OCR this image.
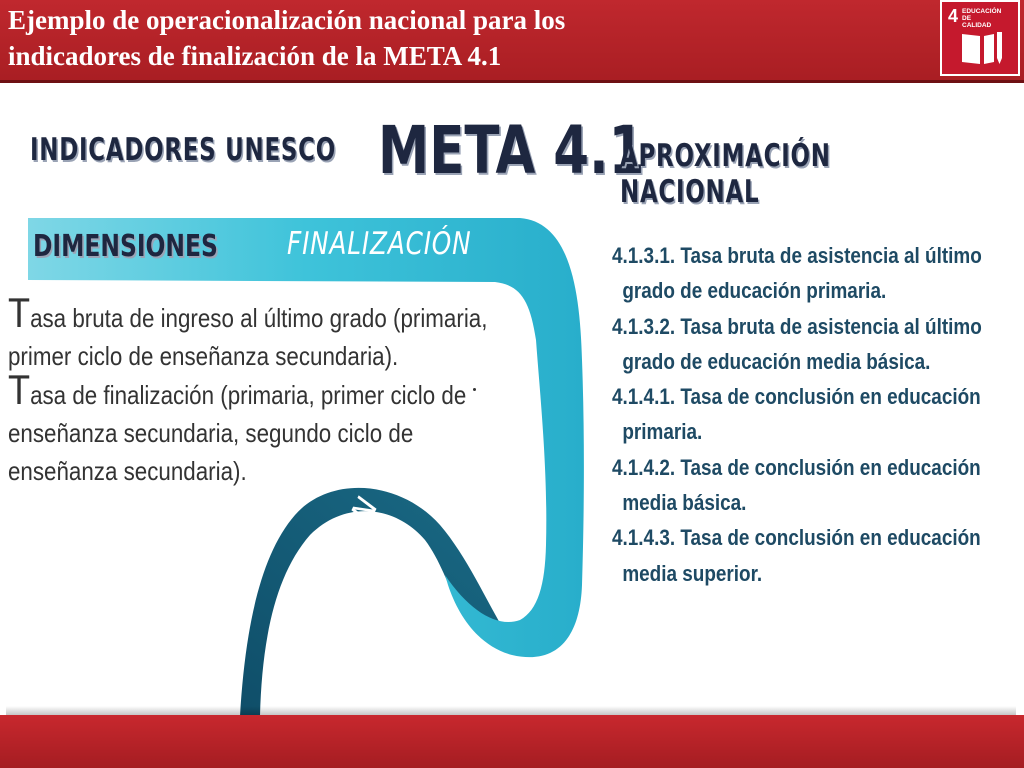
Ejemplo de operacionalización nacional para los
indicadores de finalización de la META 4.1
4 EDUCACIÓN DE
CALIDAD
INDICADORES UNESCO META 4.1
APROXIMACIÓN NACIONAL
DIMENSIONES FINALIZACIÓN
PRESTACIÓN

Tasa bruta de ingreso al último grado (primaria, primer ciclo de enseñanza secundaria).

Tasa de finalización (primaria, primer ciclo de enseñanza secundaria, segundo ciclo de enseñanza secundaria).

4.1.3.1. Tasa bruta de asistencia al último
grado de educación primaria.
4.1.3.2. Tasa bruta de asistencia al último
grado de educación media básica.
4.1.4.1. Tasa de conclusión en educación
primaria.
4.1.4.2. Tasa de conclusión en educación
media básica.
4.1.4.3. Tasa de conclusión en educación
media superior.
